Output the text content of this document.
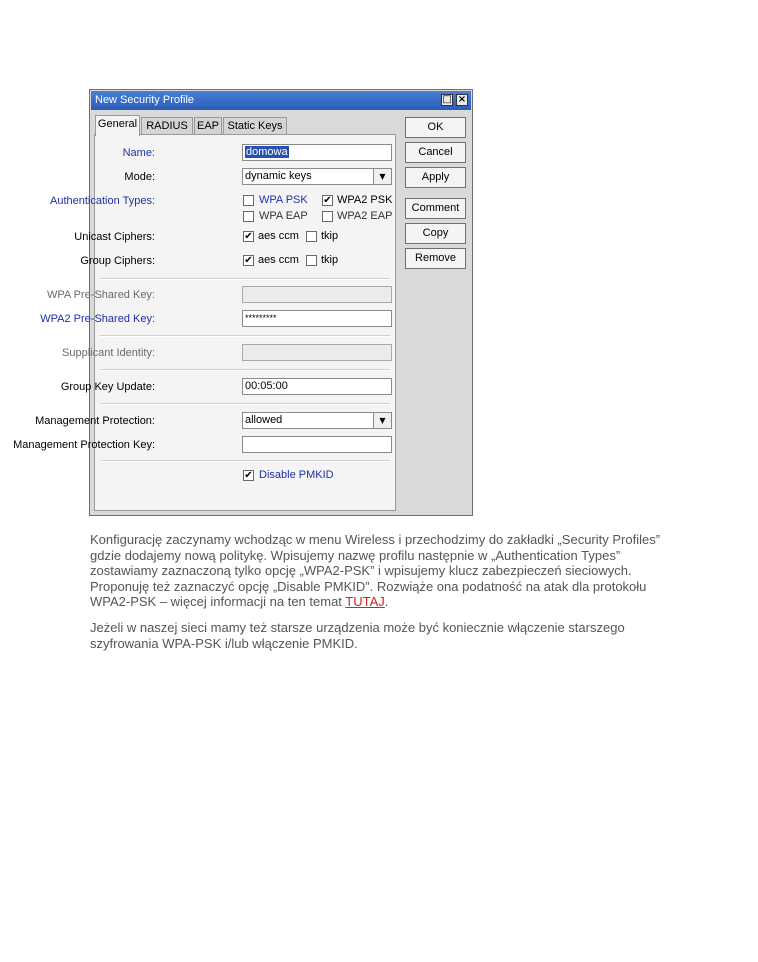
New Security Profile	□ ×
General RADIUS EAP Static Keys
Name:	domowa
Mode:	dynamic keys	▼
Authentication Types:	WPA PSK ✔ WPA2 PSK
WPA EAP	WPA2 EAP
Unicast Ciphers:	✔ aes ccm tkip
Group Ciphers:	✔ aes ccm tkip
WPA Pre-Shared Key:
WPA2 Pre-Shared Key:	*********
Supplicant Identity:
Group Key Update:	00:05:00
Management Protection:	allowed	▼
Management Protection Key:
✔ Disable PMKID
OK
Cancel
Apply
Comment
Copy
Remove

Konfigurację zaczynamy wchodząc w menu Wireless i przechodzimy do zakładki „Security Profiles” gdzie dodajemy nową politykę. Wpisujemy nazwę profilu następnie w „Authentication Types” zostawiamy zaznaczoną tylko opcję „WPA2-PSK” i wpisujemy klucz zabezpieczeń sieciowych. Proponuję też zaznaczyć opcję „Disable PMKID”. Rozwiąże ona podatność na atak dla protokołu WPA2-PSK – więcej informacji na ten temat TUTAJ.

Jeżeli w naszej sieci mamy też starsze urządzenia może być koniecznie włączenie starszego szyfrowania WPA-PSK i/lub włączenie PMKID.
